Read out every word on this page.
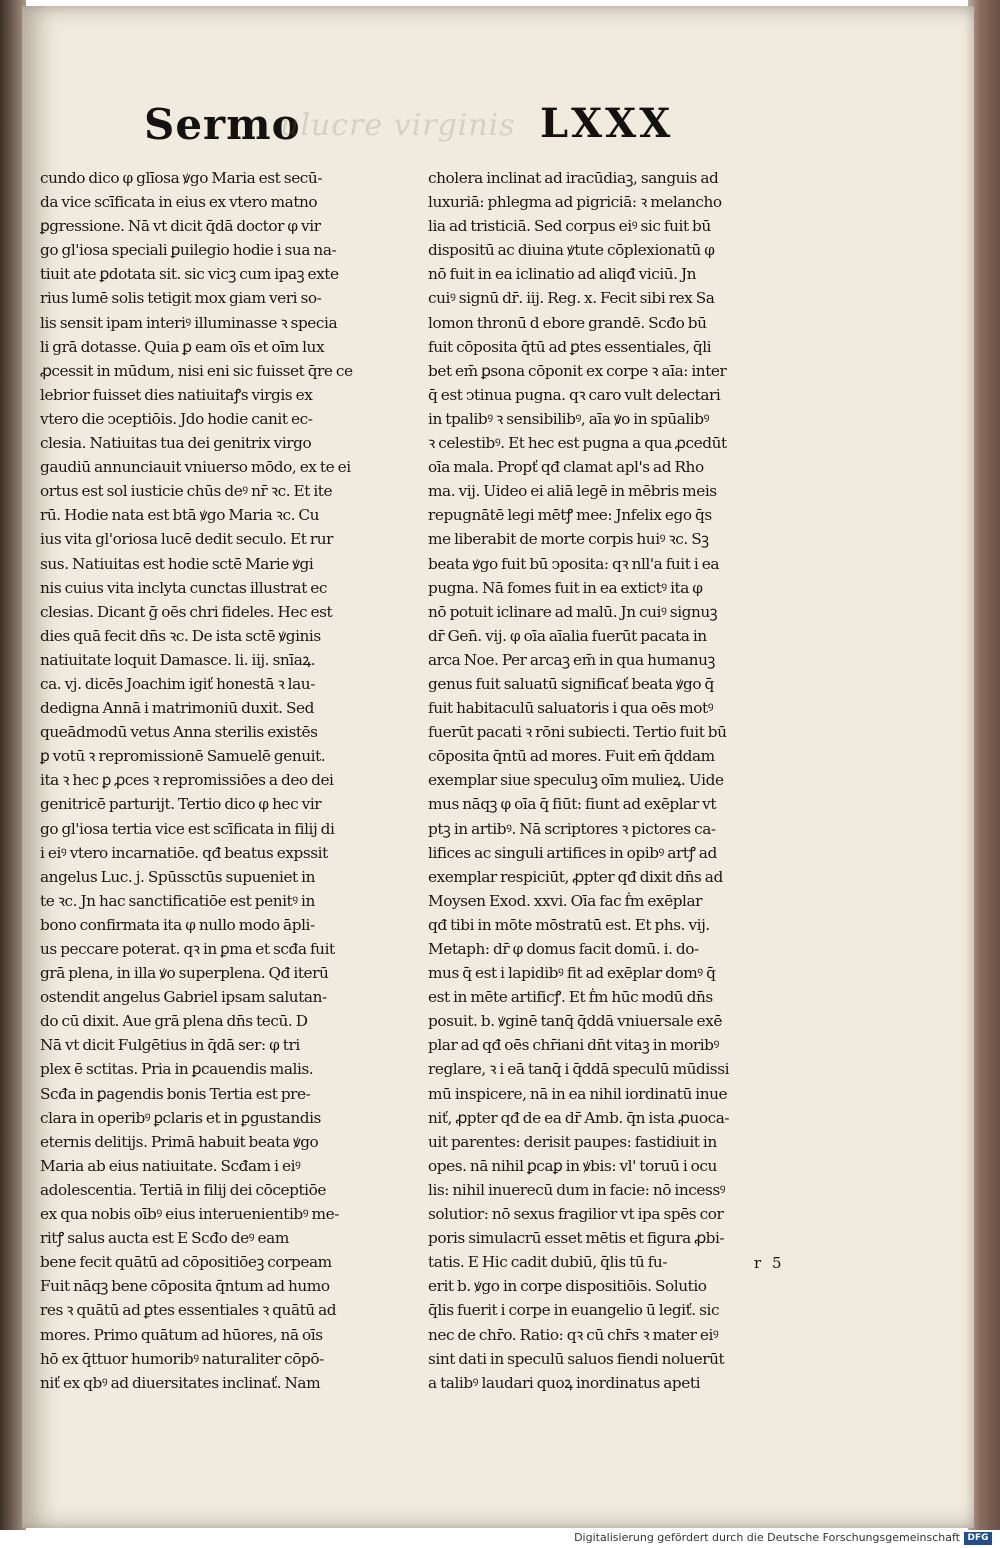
Sermo
ulucre virginis LXXX
cundo dico φ glīosa ꝟgo Maria est secū-
da vice scīficata in eius ex vtero matno
ꝑgressione. Nā vt dicit q̄dā doctor φ vir
go gl'iosa speciali ꝑuilegio hodie i sua na-
tiuit ate ꝑdotata sit. sic vicꝫ cum ipaꝫ exte
rius lumē solis tetigit mox giam veri so-
lis sensit ipam interiꝰ illuminasse ꝛ specia
li grā dotasse. Quia ꝑ eam oīs et oīm lux
ꝓcessit in mūdum, nisi eni sic fuisset q̄re ce
lebrior fuisset dies natiuitaꝭs virgis ex
vtero die ↄceptiōis. Jdo hodie canit ec-
clesia. Natiuitas tua dei genitrix virgo
gaudiū annunciauit vniuerso mōdo, ex te ei
ortus est sol iusticie chūs deꝰ nr̄ ꝛc. Et ite
rū. Hodie nata est btā ꝟgo Maria ꝛc. Cu
ius vita gl'oriosa lucē dedit seculo. Et rur
sus. Natiuitas est hodie sctē Marie ꝟgi
nis cuius vita inclyta cunctas illustrat ec
clesias. Dicant ḡ oēs chri fideles. Hec est
dies quā fecit dn̄s ꝛc. De ista sctē ꝟginis
natiuitate loquit Damasce. li. iij. snīaꝝ.
ca. vj. dicēs Joachim igiť honestā ꝛ lau-
dedigna Annā i matrimoniū duxit. Sed
queādmodū vetus Anna sterilis existēs
ꝑ votū ꝛ repromissionē Samuelē genuit.
ita ꝛ hec ꝑ ꝓces ꝛ repromissiōes a deo dei
genitricē parturijt. Tertio dico φ hec vir
go gl'iosa tertia vice est scīficata in filij di
i eiꝰ vtero incarnatiōe. qđ beatus expssit
angelus Luc. j. Spūssctūs supueniet in
te ꝛc. Jn hac sanctificatiōe est penitꝰ in
bono confirmata ita φ nullo modo āpli-
us peccare poterat. qꝛ in ꝑma et scđa fuit
grā plena, in illa ꝟo superplena. Qđ iterū
ostendit angelus Gabriel ipsam salutan-
do cū dixit. Aue grā plena dn̄s tecū. D
Nā vt dicit Fulgētius in q̄dā ser: φ tri
plex ē sctitas. Pria in ꝑcauendis malis.
Scđa in ꝑagendis bonis Tertia est pre-
clara in operibꝰ ꝑclaris et in ꝑgustandis
eternis delitijs. Primā habuit beata ꝟgo
Maria ab eius natiuitate. Scđam i eiꝰ
adolescentia. Tertiā in filij dei cōceptiōe
ex qua nobis oībꝰ eius interuenientibꝰ me-
ritꝭ salus aucta est E Scđo deꝰ eam
bene fecit quātū ad cōpositiōeꝫ corpeam
Fuit nāqꝫ bene cōposita q̄ntum ad humo
res ꝛ quātū ad ꝑtes essentiales ꝛ quātū ad
mores. Primo quātum ad hūores, nā oīs
hō ex q̄ttuor humoribꝰ naturaliter cōpō-
niť ex qbꝰ ad diuersitates inclinať. Nam
cholera inclinat ad iracūdiaꝫ, sanguis ad
luxuriā: phlegma ad pigriciā: ꝛ melancho
lia ad tristiciā. Sed corpus eiꝰ sic fuit bū
dispositū ac diuina ꝟtute cōplexionatū φ
nō fuit in ea iclinatio ad aliqđ viciū. Jn
cuiꝰ signū dr̄. iij. Reg. x. Fecit sibi rex Sa
lomon thronū d ebore grandē. Scđo bū
fuit cōposita q̄tū ad ꝑtes essentiales, q̄li
bet em̄ ꝑsona cōponit ex corpe ꝛ aīa: inter
q̄ est ↄtinua pugna. qꝛ caro vult delectari
in tpalibꝰ ꝛ sensibilibꝰ, aīa ꝟo in spūalibꝰ
ꝛ celestibꝰ. Et hec est pugna a qua ꝓcedūt
oīa mala. Propť qđ clamat apl's ad Rho
ma. vij. Uideo ei aliā legē in mēbris meis
repugnātē legi mētꝭ mee: Jnfelix ego q̄s
me liberabit de morte corpis huiꝰ ꝛc. Sꝫ
beata ꝟgo fuit bū ↄposita: qꝛ nll'a fuit i ea
pugna. Nā fomes fuit in ea extictꝰ ita φ
nō potuit iclinare ad malū. Jn cuiꝰ signuꝫ
dr̄ Gen̄. vij. φ oīa aīalia fuerūt pacata in
arca Noe. Per arcaꝫ em̄ in qua humanuꝫ
genus fuit saluatū significať beata ꝟgo q̄
fuit habitaculū saluatoris i qua oēs motꝰ
fuerūt pacati ꝛ rōni subiecti. Tertio fuit bū
cōposita q̄ntū ad mores. Fuit em̄ q̄ddam
exemplar siue speculuꝫ oīm mulieꝝ. Uide
mus nāqꝫ φ oīa q̄ fiūt: fiunt ad exēplar vt
ptꝫ in artibꝰ. Nā scriptores ꝛ pictores ca-
lifices ac singuli artifices in opibꝰ artꝭ ad
exemplar respiciūt, ꝓpter qđ dixit dn̄s ad
Moysen Exod. xxvi. Oīa fac ḟm exēplar
qđ tibi in mōte mōstratū est. Et phs. vij.
Metaph: dr̄ φ domus facit domū. i. do-
mus q̄ est i lapidibꝰ fit ad exēplar domꝰ q̄
est in mēte artificꝭ. Et ḟm hūc modū dn̄s
posuit. b. ꝟginē tanq̄ q̄ddā vniuersale exē
plar ad qđ oēs chr̄iani dn̄t vitaꝫ in moribꝰ
reglare, ꝛ i eā tanq̄ i q̄ddā speculū mūdissi
mū inspicere, nā in ea nihil iordinatū inue
niť, ꝓpter qđ de ea dr̄ Amb. q̄n ista ꝓuoca-
uit parentes: derisit paupes: fastidiuit in
opes. nā nihil ꝑcaꝑ in ꝟbis: vl' toruū i ocu
lis: nihil inuerecū dum in facie: nō incessꝰ
solutior: nō sexus fragilior vt ipa spēs cor
poris simulacrū esset mētis et figura ꝓbi-
tatis. E Hic cadit dubiū, q̄lis tū fu-
erit b. ꝟgo in corpe dispositiōis. Solutio
q̄lis fuerit i corpe in euangelio ū legiť. sic
nec de chr̄o. Ratio: qꝛ cū chr̄s ꝛ mater eiꝰ
sint dati in speculū saluos fiendi noluerūt
a talibꝰ laudari quoꝝ inordinatus apeti
r 5
Digitalisierung gefördert durch die Deutsche Forschungsgemeinschaft DFG
